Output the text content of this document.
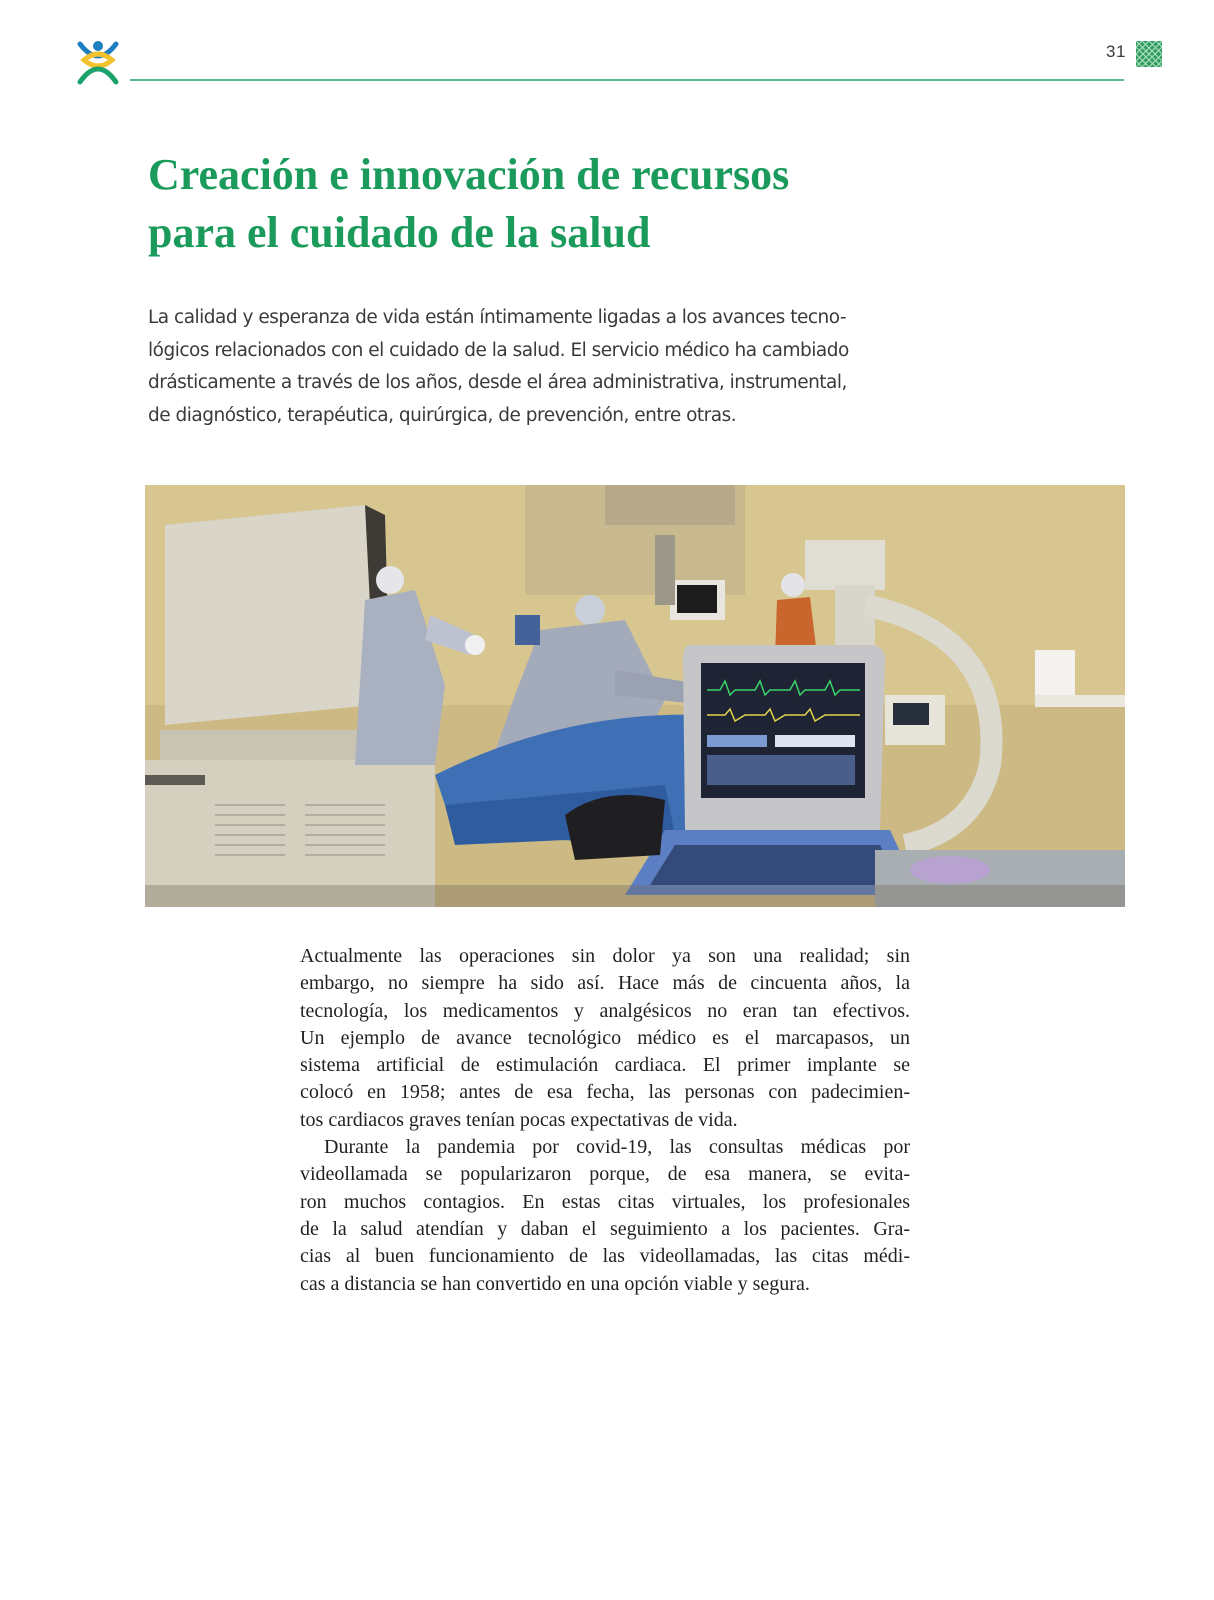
31
Creación e innovación de recursos
para el cuidado de la salud

La calidad y esperanza de vida están íntimamente ligadas a los avances tecno-
lógicos relacionados con el cuidado de la salud. El servicio médico ha cambiado
drásticamente a través de los años, desde el área administrativa, instrumental,
de diagnóstico, terapéutica, quirúrgica, de prevención, entre otras.

Actualmente las operaciones sin dolor ya son una realidad; sin
embargo, no siempre ha sido así. Hace más de cincuenta años, la
tecnología, los medicamentos y analgésicos no eran tan efectivos.
Un ejemplo de avance tecnológico médico es el marcapasos, un
sistema artificial de estimulación cardiaca. El primer implante se
colocó en 1958; antes de esa fecha, las personas con padecimien-
tos cardiacos graves tenían pocas expectativas de vida.

Durante la pandemia por covid-19, las consultas médicas por
videollamada se popularizaron porque, de esa manera, se evita-
ron muchos contagios. En estas citas virtuales, los profesionales
de la salud atendían y daban el seguimiento a los pacientes. Gra-
cias al buen funcionamiento de las videollamadas, las citas médi-
cas a distancia se han convertido en una opción viable y segura.
